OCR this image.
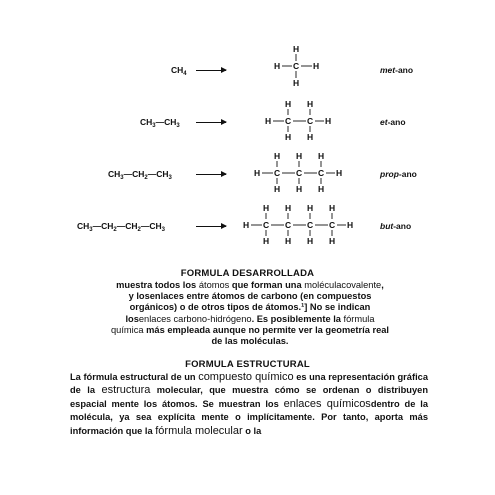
$CH_4$
H
C
H	H
H
met-ano
$CH_3—CH_3$
H H
H C C H
H H
et-ano
$CH_3—CH_2—CH_3$
H H H
H C C C H
H H H
prop-ano
$CH_3—CH_2—CH_2—CH_3$
H H H H
H C C C C H
H H H H
but-ano
FORMULA DESARROLLADA
muestra todos los átomos que forman una moléculacovalente,
y losenlaces entre átomos de carbono (en compuestos
orgánicos) o de otros tipos de átomos.¹] No se indican
losenlaces carbono-hidrógeno. Es posiblemente la fórmula
química más empleada aunque no permite ver la geometría real
de las moléculas.
FORMULA ESTRUCTURAL
La fórmula estructural de un compuesto químico es una representación gráfica de la estructura molecular, que muestra cómo se ordenan o distribuyen espacial mente los átomos. Se muestran los enlaces químicosdentro de la molécula, ya sea explícita mente o implícitamente. Por tanto, aporta más información que la fórmula molecular o la
